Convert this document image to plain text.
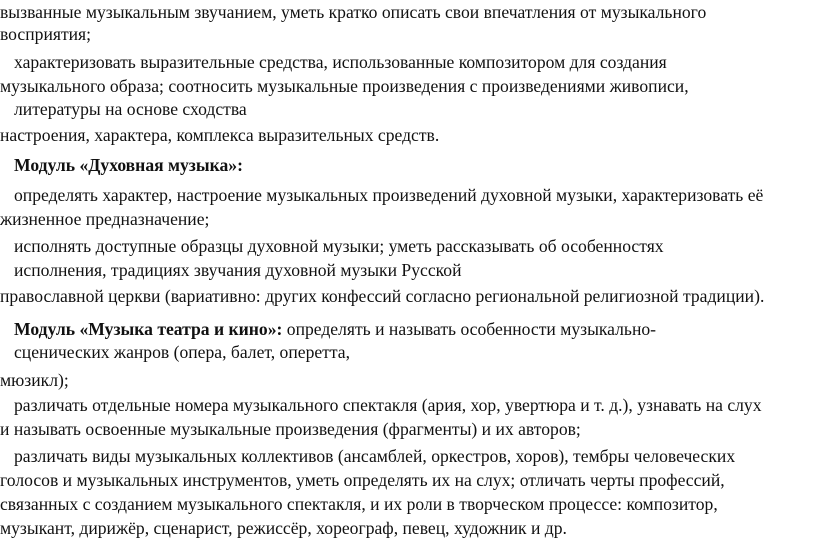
вызванные музыкальным звучанием, уметь кратко описать свои впечатления от музыкального
восприятия;
характеризовать выразительные средства, использованные композитором для создания
музыкального образа; соотносить музыкальные произведения с произведениями живописи,
литературы на основе сходства
настроения, характера, комплекса выразительных средств.
Модуль «Духовная музыка»:
определять характер, настроение музыкальных произведений духовной музыки, характеризовать её
жизненное предназначение;
исполнять доступные образцы духовной музыки; уметь рассказывать об особенностях
исполнения, традициях звучания духовной музыки Русской
православной церкви (вариативно: других конфессий согласно региональной религиозной традиции).
Модуль «Музыка театра и кино»: определять и называть особенности музыкально-
сценических жанров (опера, балет, оперетта,
мюзикл);
различать отдельные номера музыкального спектакля (ария, хор, увертюра и т. д.), узнавать на слух
и называть освоенные музыкальные произведения (фрагменты) и их авторов;
различать виды музыкальных коллективов (ансамблей, оркестров, хоров), тембры человеческих
голосов и музыкальных инструментов, уметь определять их на слух; отличать черты профессий,
связанных с созданием музыкального спектакля, и их роли в творческом процессе: композитор,
музыкант, дирижёр, сценарист, режиссёр, хореограф, певец, художник и др.
